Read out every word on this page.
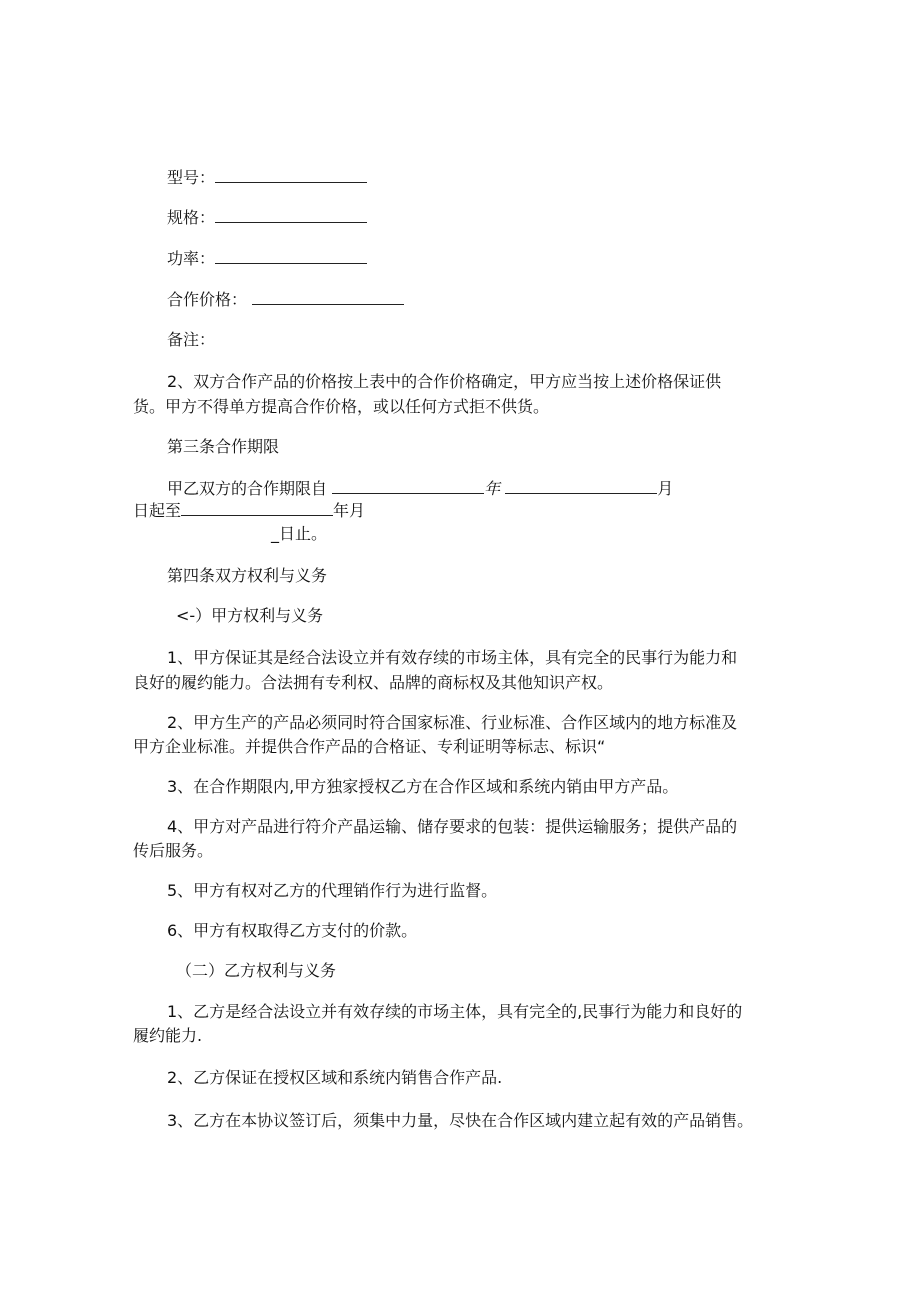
型号：
规格：
功率：
合作价格：
备注：
2、双方合作产品的价格按上表中的合作价格确定，甲方应当按上述价格保证供
货。甲方不得单方提高合作价格，或以任何方式拒不供货。
第三条合作期限
甲乙双方的合作期限自	年	月
日起至	年月
_日止。
第四条双方权利与义务
<-）甲方权利与义务
1、甲方保证其是经合法设立并有效存续的市场主体，具有完全的民事行为能力和
良好的履约能力。合法拥有专利权、品牌的商标权及其他知识产权。
2、甲方生产的产品必须同时符合国家标准、行业标准、合作区域内的地方标准及
甲方企业标准。并提供合作产品的合格证、专利证明等标志、标识“
3、在合作期限内,甲方独家授权乙方在合作区域和系统内销由甲方产品。
4、甲方对产品进行符介产晶运输、储存要求的包装：提供运输服务；提供产品的
传后服务。
5、甲方有权对乙方的代理销作行为进行监督。
6、甲方有权取得乙方支付的价款。
（二）乙方权利与义务
1、乙方是经合法设立并有效存续的市场主体，具有完全的,民事行为能力和良好的
履约能力.
2、乙方保证在授权区域和系统内销售合作产品.
3、乙方在本协议签订后，须集中力量，尽快在合作区域内建立起有效的产品销售。
